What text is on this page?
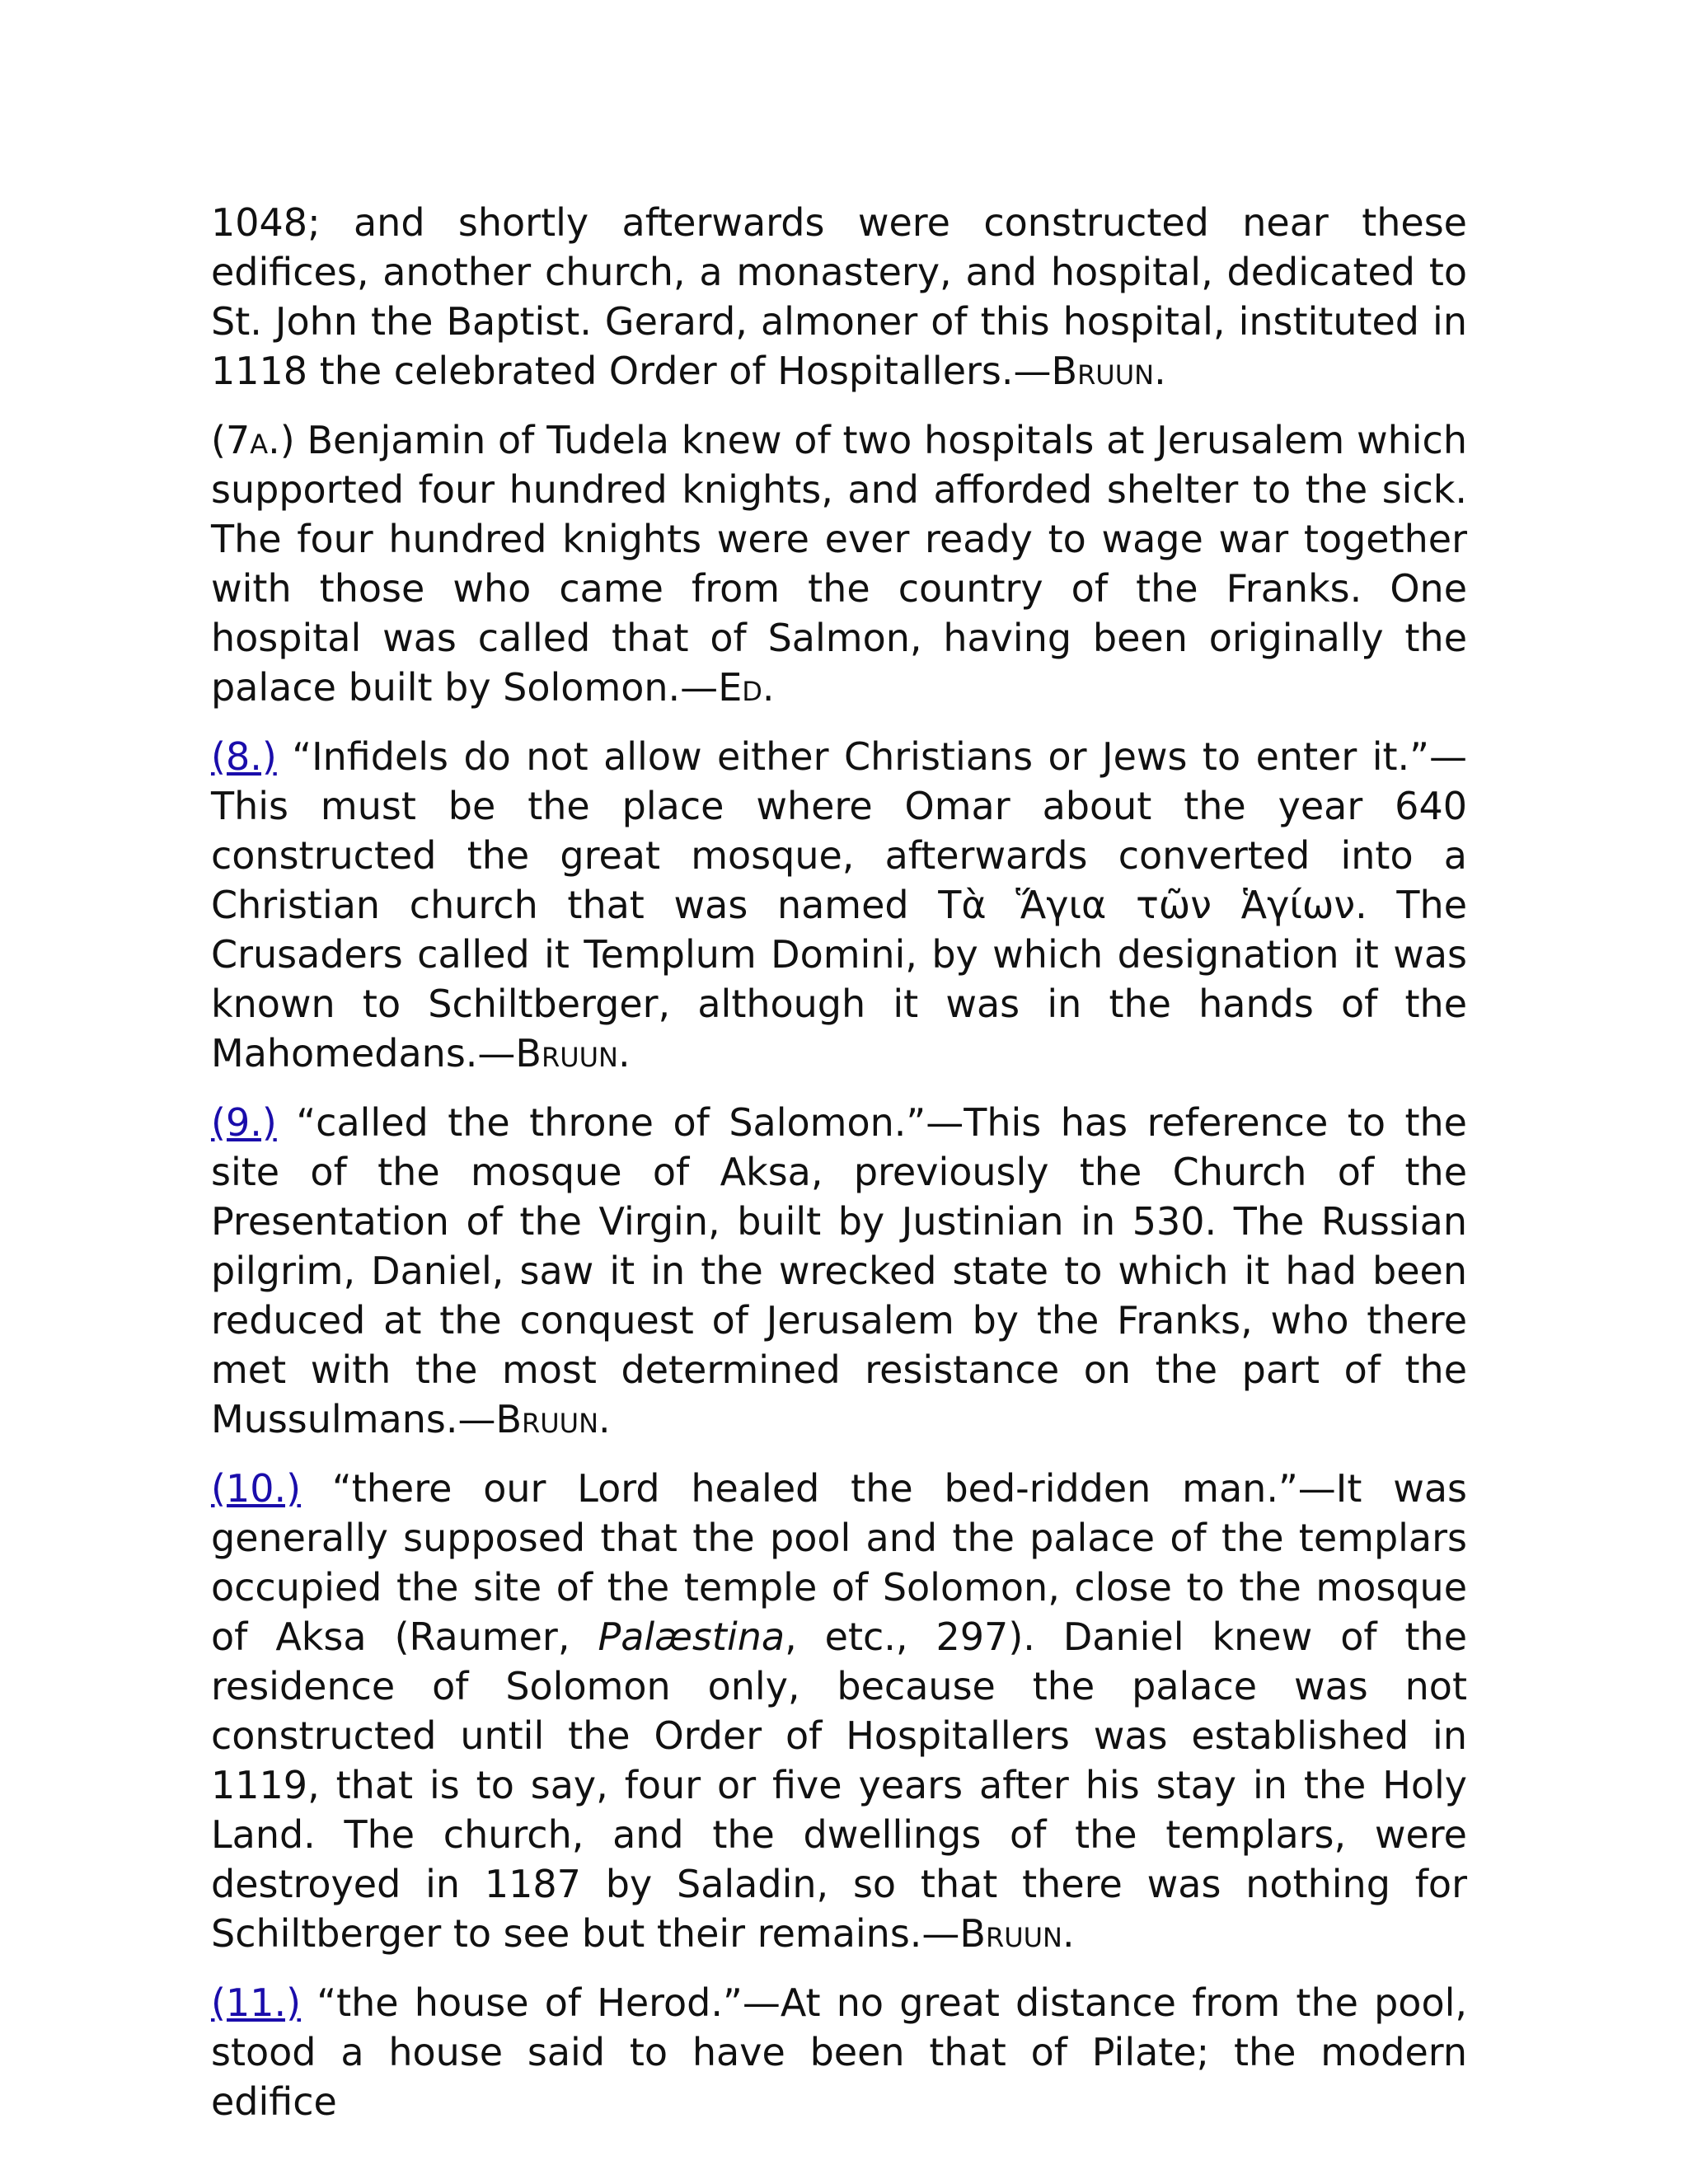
1048; and shortly afterwards were constructed near these edifices, another church, a monastery, and hospital, dedicated to St. John the Baptist. Gerard, almoner of this hospital, instituted in 1118 the celebrated Order of Hospitallers.—Bruun.

(7a.) Benjamin of Tudela knew of two hospitals at Jerusalem which supported four hundred knights, and afforded shelter to the sick. The four hundred knights were ever ready to wage war together with those who came from the country of the Franks. One hospital was called that of Salmon, having been originally the palace built by Solomon.—Ed.

(8.) “Infidels do not allow either Christians or Jews to enter it.”—This must be the place where Omar about the year 640 constructed the great mosque, afterwards converted into a Christian church that was named Τὰ Ἅγια τῶν Ἁγίων. The Crusaders called it Templum Domini, by which designation it was known to Schiltberger, although it was in the hands of the Mahomedans.—Bruun.

(9.) “called the throne of Salomon.”—This has reference to the site of the mosque of Aksa, previously the Church of the Presentation of the Virgin, built by Justinian in 530. The Russian pilgrim, Daniel, saw it in the wrecked state to which it had been reduced at the conquest of Jerusalem by the Franks, who there met with the most determined resistance on the part of the Mussulmans.—Bruun.

(10.) “there our Lord healed the bed-ridden man.”—It was generally supposed that the pool and the palace of the templars occupied the site of the temple of Solomon, close to the mosque of Aksa (Raumer, Palæstina, etc., 297). Daniel knew of the residence of Solomon only, because the palace was not constructed until the Order of Hospitallers was established in 1119, that is to say, four or five years after his stay in the Holy Land. The church, and the dwellings of the templars, were destroyed in 1187 by Saladin, so that there was nothing for Schiltberger to see but their remains.—Bruun.

(11.) “the house of Herod.”—At no great distance from the pool, stood a house said to have been that of Pilate; the modern edifice
